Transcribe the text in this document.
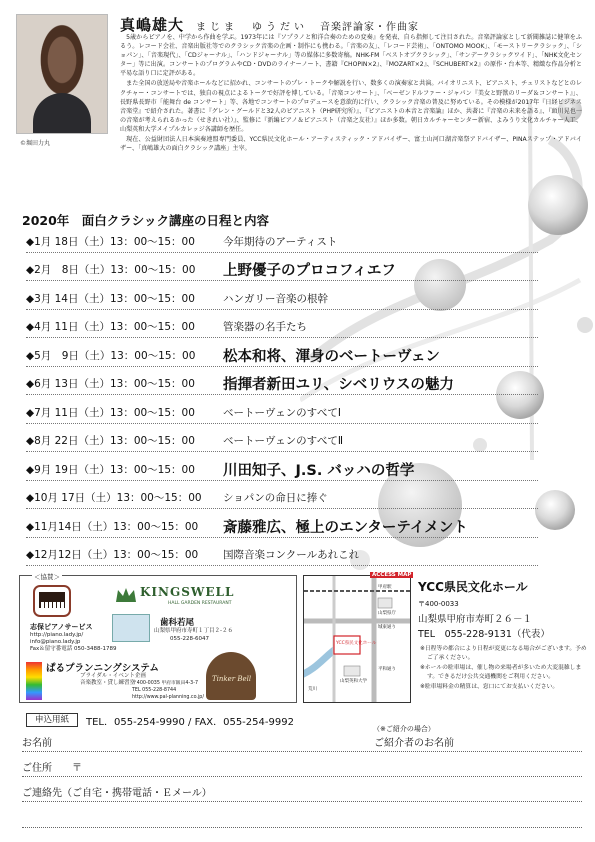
©堀田力丸
真嶋雄大 まじま　ゆうだい 音楽評論家・作曲家

5歳からピアノを、中学から作曲を学ぶ。1973年には『ソプラノと和洋合奏のための変奏』を発表、自ら指揮して注目された。音楽評論家として新聞雑誌に健筆をふるう。レコード会社、音楽出版社等でのクラシック音楽の企画・制作にも携わる。「音楽の友」、「レコード芸術」、「ONTOMO MOOK」、「モーストリークラシック」、「ショパン」、「音楽現代」、「CDジャーナル」、「ハンドジャーナル」等の媒体に多数寄稿。NHK-FM「ベストオブクラシック」、「サンデークラシックワイド」、「NHK文化センター」等に出演。コンサートのプログラムやCD・DVDのライナーノート、書籍『CHOPIN×2』、『MOZART×2』、『SCHUBERT×2』の原作・台本等、精緻な作品分析と平易な語り口に定評がある。

また全国の放送局や音楽ホールなどに招かれ、コンサートのプレ・トークや解説を行い、数多くの演奏家と共演。バイオリニスト、ピアニスト、チェリストなどとのレクチャー・コンサートでは、独自の視点によるトークで好評を博している。「音楽コンサート」、「ベーゼンドルファー・ジャパン『美女と野獣のリーダ＆コンサート』」、長野県長野市「能舞台 de コンサート」等、各地でコンサートのプロデュースを意欲的に行い、クラシック音楽の普及に努めている。その模様が2017年『日経ビジネス音楽堂』で紹介された。著書に『グレン・グールドと32人のピアニスト（PHP研究所）』、『ピアニストの本音と音楽論』ほか、共著に『音楽の未来を語る』、『頭川晃也一の音楽が考えられるかった（せきれい社）』、監修に『新編ピアノ＆ピアニスト（音楽之友社）』ほか多数。朝日カルチャーセンター新宿、よみうり文化カルチャー人工、山梨英和大学メイプルカレッジ各講師を歴任。

現在、公益財団法人日本演奏連盟専門委員、YCC県民文化ホール・アーティスティック・アドバイザー、富士山河口湖音楽祭アドバイザー、PINAステップ・アドバイザー、「真嶋雄大の面白クラシック講座」主宰。

2020年　面白クラシック講座の日程と内容
◆1月 18日（土）13：00～15：00	今年期待のアーティスト
◆2月　8日（土）13：00～15：00	上野優子のプロコフィエフ
◆3月 14日（土）13：00～15：00	ハンガリー音楽の根幹
◆4月 11日（土）13：00～15：00	管楽器の名手たち
◆5月　9日（土）13：00～15：00	松本和将、渾身のベートーヴェン
◆6月 13日（土）13：00～15：00	指揮者新田ユリ、シベリウスの魅力
◆7月 11日（土）13：00～15：00	ベートーヴェンのすべてⅠ
◆8月 22日（土）13：00～15：00	ベートーヴェンのすべてⅡ
◆9月 19日（土）13：00～15：00	川田知子、J.S. バッハの哲学
◆10月 17日（土）13：00～15：00	ショパンの命日に捧ぐ
◆11月14日（土）13：00～15：00	斎藤雅広、極上のエンターテイメント
◆12月12日（土）13：00～15：00	国際音楽コンクールあれこれ
志保ピアノサービス
http://piano.lady.jp/
info@piano.lady.jp
Fax＆留守番電話 050-3488-1789
KINGSWELL
HALL GARDEN RESTAURANT
歯科若尾
山梨県甲府市寿町１丁目２-２６
055-228-6047
ぱるプランニングシステム
ブライダル・イベント企画
音楽教室・貸し練習室
〒400-0035 甲府市飯田4-3-7
TEL 055-228-8744
http://www.pal-planning.co.jp/
Tinker Bell
＜協賛＞
甲府駅
山梨県庁
YCC県民文化ホール
山梨英和大学
城東通り
平和通り
荒川
ACCESS MAP
YCC県民文化ホール
〒400-0033
山梨県甲府市寿町２６－１
TEL　055-228-9131（代表）
※日程等の都合により日程が変更になる場合がございます。予めご了承ください。
※ホールの駐車場は、催し物の来場者が多いため大変混雑します。できるだけ公共交通機関をご利用ください。
※駐車場料金の精算は、窓口にてお支払いください。
申込用紙	TEL．055-254-9990 / FAX．055-254-9992
（※ご紹介の場合）
お名前	ご紹介者のお名前
ご住所　　〒
ご連絡先（ご自宅・携帯電話・Ｅメール）
